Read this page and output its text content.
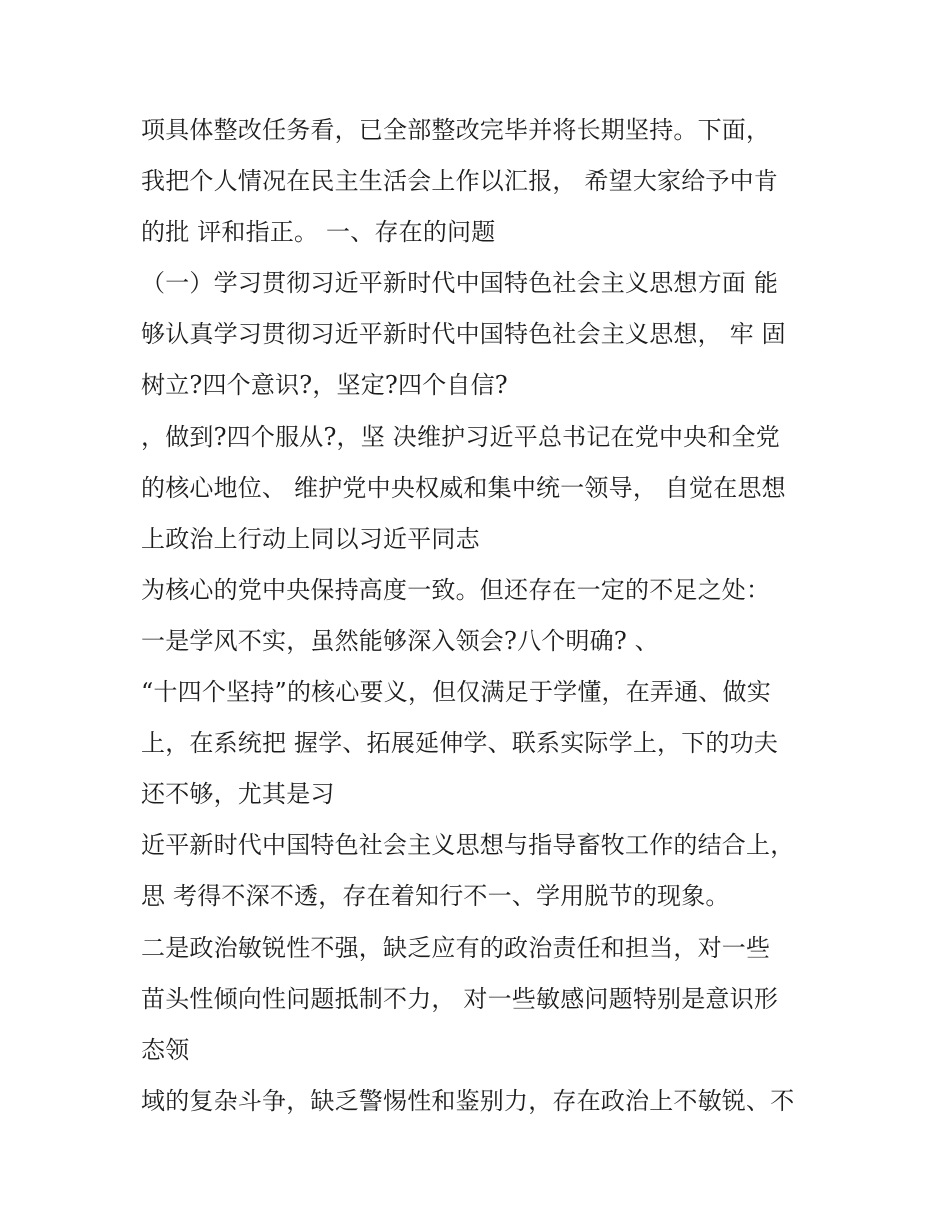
项具体整改任务看，已全部整改完毕并将长期坚持。下面，
我把个人情况在民主生活会上作以汇报， 希望大家给予中肯
的批 评和指正。 一、存在的问题
（一）学习贯彻习近平新时代中国特色社会主义思想方面 能
够认真学习贯彻习近平新时代中国特色社会主义思想， 牢 固
树立?四个意识?，坚定?四个自信?
，做到?四个服从?，坚 决维护习近平总书记在党中央和全党
的核心地位、 维护党中央权威和集中统一领导， 自觉在思想
上政治上行动上同以习近平同志
为核心的党中央保持高度一致。但还存在一定的不足之处：
一是学风不实，虽然能够深入领会?八个明确? 、
“十四个坚持”的核心要义，但仅满足于学懂，在弄通、做实
上，在系统把 握学、拓展延伸学、联系实际学上，下的功夫
还不够，尤其是习
近平新时代中国特色社会主义思想与指导畜牧工作的结合上，
思 考得不深不透，存在着知行不一、学用脱节的现象。
二是政治敏锐性不强，缺乏应有的政治责任和担当，对一些
苗头性倾向性问题抵制不力， 对一些敏感问题特别是意识形
态领
域的复杂斗争，缺乏警惕性和鉴别力，存在政治上不敏锐、不
